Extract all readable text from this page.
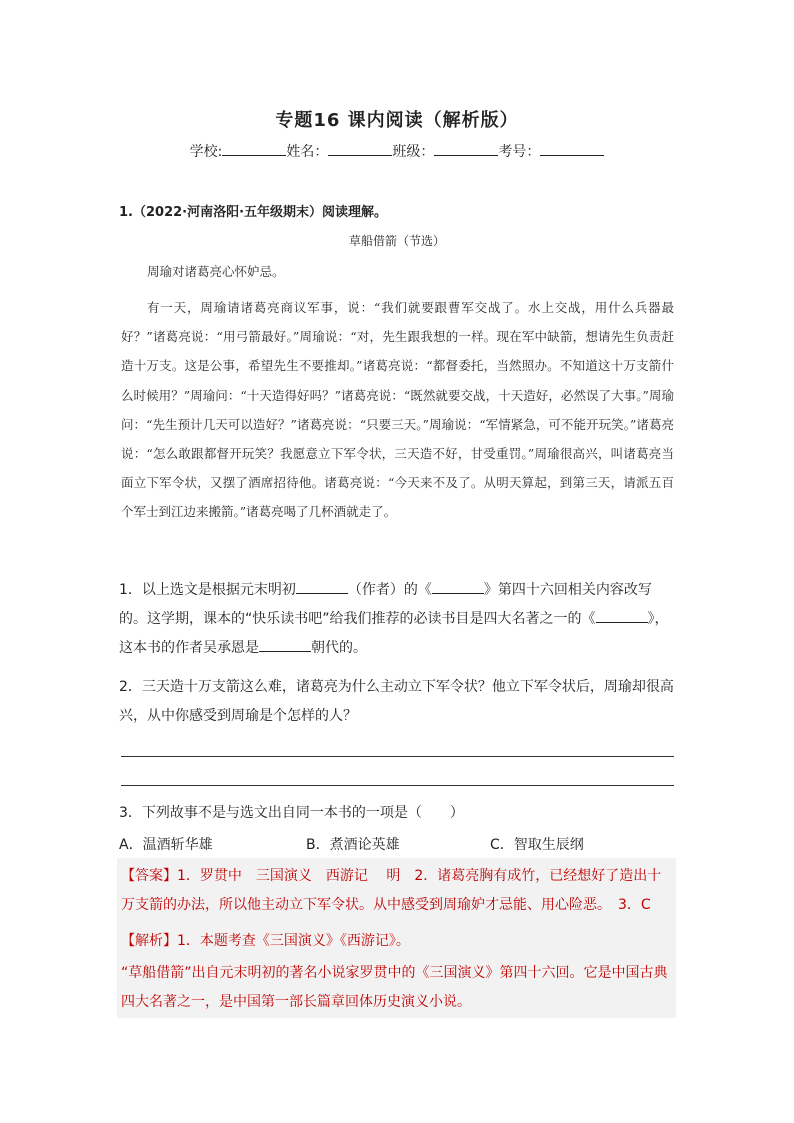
专题16 课内阅读（解析版）
学校:	姓名：	班级：	考号：
1.（2022·河南洛阳·五年级期末）阅读理解。
草船借箭（节选）
周瑜对诸葛亮心怀妒忌。
有一天，周瑜请诸葛亮商议军事，说：“我们就要跟曹军交战了。水上交战，用什么兵器最好？”诸葛亮说：“用弓箭最好。”周瑜说：“对，先生跟我想的一样。现在军中缺箭，想请先生负责赶造十万支。这是公事，希望先生不要推却。”诸葛亮说：“都督委托，当然照办。不知道这十万支箭什么时候用？”周瑜问：“十天造得好吗？”诸葛亮说：“既然就要交战，十天造好，必然误了大事。”周瑜问：“先生预计几天可以造好？”诸葛亮说：“只要三天。”周瑜说：“军情紧急，可不能开玩笑。”诸葛亮说：“怎么敢跟都督开玩笑？我愿意立下军令状，三天造不好，甘受重罚。”周瑜很高兴，叫诸葛亮当面立下军令状，又摆了酒席招待他。诸葛亮说：“今天来不及了。从明天算起，到第三天，请派五百个军士到江边来搬箭。”诸葛亮喝了几杯酒就走了。
1．以上选文是根据元末明初	（作者）的《	》第四十六回相关内容改写的。这学期，课本的“快乐读书吧”给我们推荐的必读书目是四大名著之一的《	》，这本书的作者吴承恩是	朝代的。
2．三天造十万支箭这么难，诸葛亮为什么主动立下军令状？他立下军令状后，周瑜却很高兴，从中你感受到周瑜是个怎样的人？
3．下列故事不是与选文出自同一本书的一项是（　　）
A．温酒斩华雄	B．煮酒论英雄	C．智取生辰纲
【答案】1．罗贯中　三国演义　西游记　 明　2．诸葛亮胸有成竹，已经想好了造出十万支箭的办法，所以他主动立下军令状。从中感受到周瑜妒才忌能、用心险恶。　3．C
【解析】1．本题考查《三国演义》《西游记》。
“草船借箭”出自元末明初的著名小说家罗贯中的《三国演义》第四十六回。它是中国古典四大名著之一，是中国第一部长篇章回体历史演义小说。
